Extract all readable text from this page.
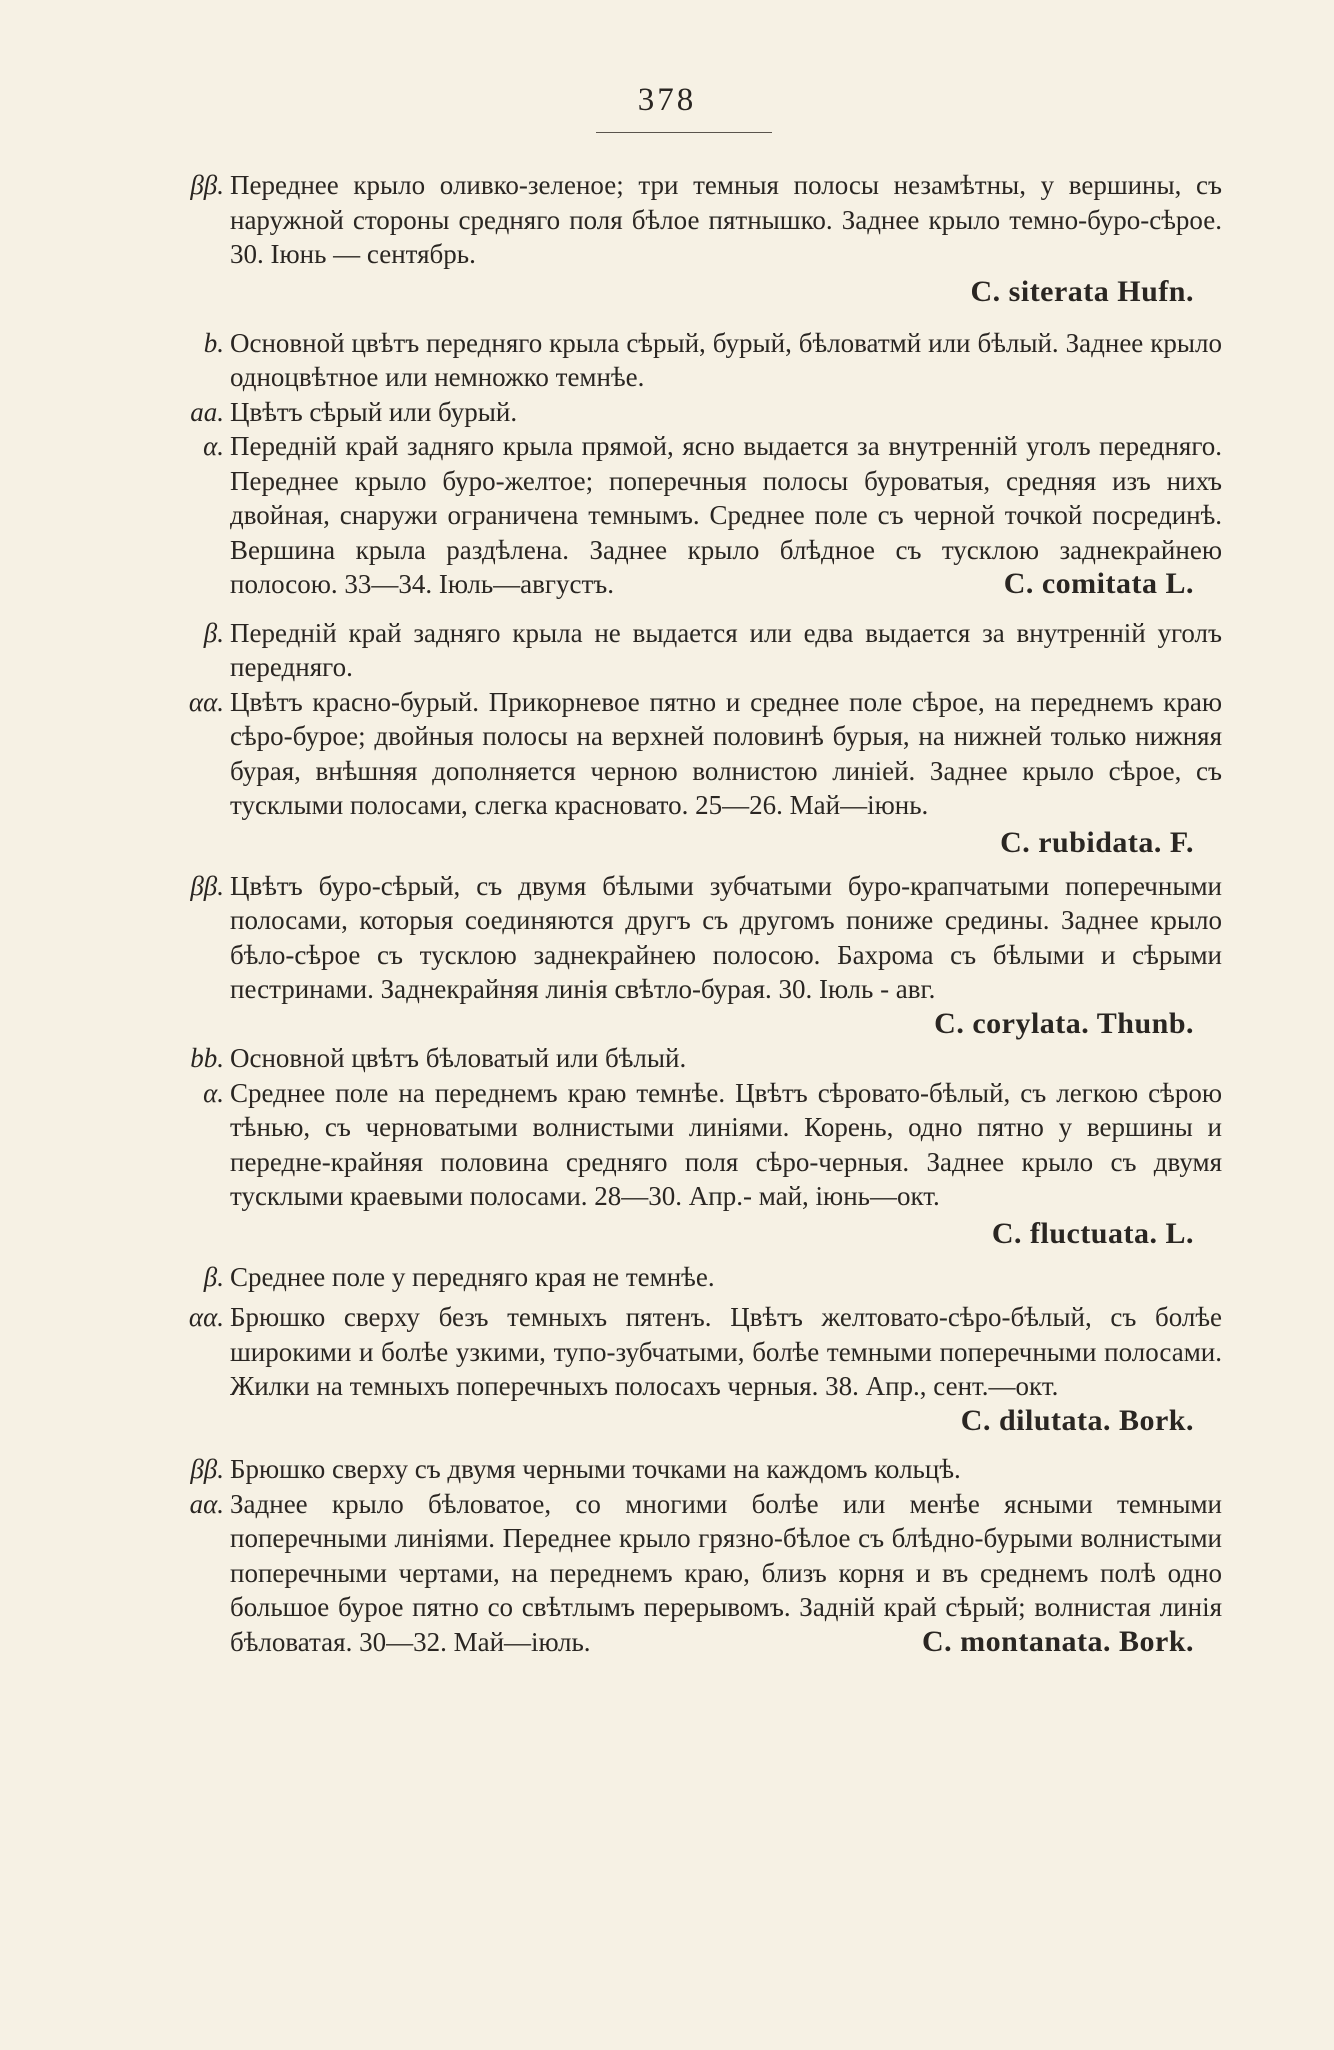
378
ββ. Переднее крыло оливко-зеленое; три темныя полосы незамѣтны, у вершины, съ наружной стороны средняго поля бѣлое пятнышко. Заднее крыло темно-буро-сѣрое. 30. Іюнь — сентябрь.
C. siterata Hufn.
b. Основной цвѣтъ передняго крыла сѣрый, бурый, бѣловатмй или бѣлый. Заднее крыло одноцвѣтное или немножко темнѣе.
aa. Цвѣтъ сѣрый или бурый.
α. Передній край задняго крыла прямой, ясно выдается за внутренній уголъ передняго. Переднее крыло буро-желтое; поперечныя полосы буроватыя, средняя изъ нихъ двойная, снаружи ограничена темнымъ. Среднее поле съ черной точкой посрединѣ. Вершина крыла раздѣлена. Заднее крыло блѣдное съ тусклою заднекрайнею полосою. 33—34. Іюль—августъ.	C. comitata L.
β. Передній край задняго крыла не выдается или едва выдается за внутренній уголъ передняго.
αα. Цвѣтъ красно-бурый. Прикорневое пятно и среднее поле сѣрое, на переднемъ краю сѣро-бурое; двойныя полосы на верхней половинѣ бурыя, на нижней только нижняя бурая, внѣшняя дополняется черною волнистою линіей. Заднее крыло сѣрое, съ тусклыми полосами, слегка красновато. 25—26. Май—іюнь.
C. rubidata. F.
ββ. Цвѣтъ буро-сѣрый, съ двумя бѣлыми зубчатыми буро-крапчатыми поперечными полосами, которыя соединяются другъ съ другомъ пониже средины. Заднее крыло бѣло-сѣрое съ тусклою заднекрайнею полосою. Бахрома съ бѣлыми и сѣрыми пестринами. Заднекрайняя линія свѣтло-бурая. 30. Іюль - авг.
C. corylata. Thunb.
bb. Основной цвѣтъ бѣловатый или бѣлый.
α. Среднее поле на переднемъ краю темнѣе. Цвѣтъ сѣровато-бѣлый, съ легкою сѣрою тѣнью, съ черноватыми волнистыми линіями. Корень, одно пятно у вершины и передне-крайняя половина средняго поля сѣро-черныя. Заднее крыло съ двумя тусклыми краевыми полосами. 28—30. Апр.- май, іюнь—окт.
C. fluctuata. L.
β. Среднее поле у передняго края не темнѣе.
αα. Брюшко сверху безъ темныхъ пятенъ. Цвѣтъ желтовато-сѣро-бѣлый, съ болѣе широкими и болѣе узкими, тупо-зубчатыми, болѣе темными поперечными полосами. Жилки на темныхъ поперечныхъ полосахъ черныя. 38. Апр., сент.—окт.
C. dilutata. Bork.
ββ. Брюшко сверху съ двумя черными точками на каждомъ кольцѣ.
aα. Заднее крыло бѣловатое, со многими болѣе или менѣе ясными темными поперечными линіями. Переднее крыло грязно-бѣлое съ блѣдно-бурыми волнистыми поперечными чертами, на переднемъ краю, близъ корня и въ среднемъ полѣ одно большое бурое пятно со свѣтлымъ перерывомъ. Задній край сѣрый; волнистая линія бѣловатая. 30—32. Май—іюль.	C. montanata. Bork.
